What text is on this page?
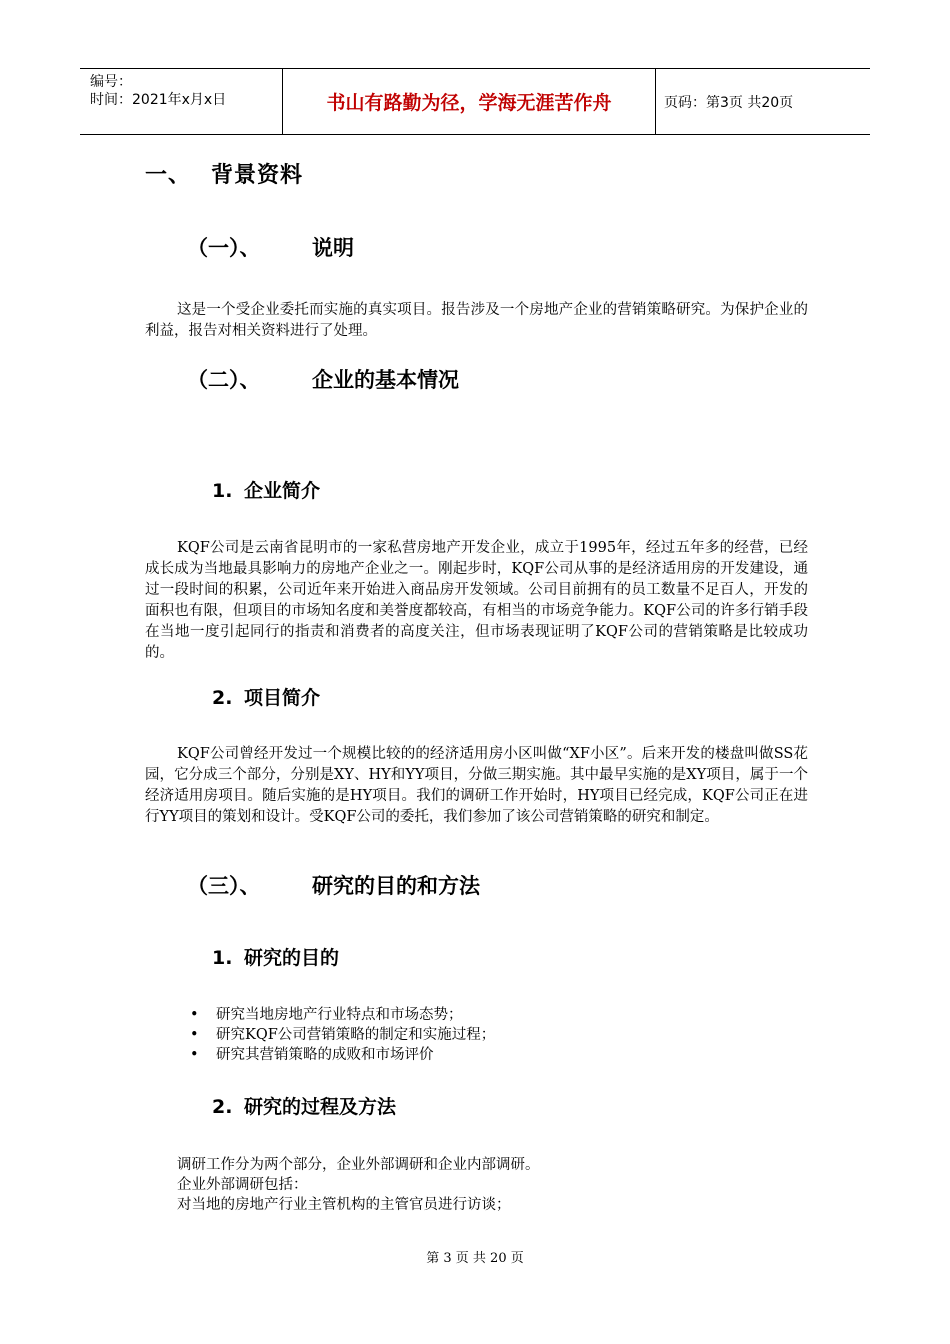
编号：
时间：2021年x月x日	书山有路勤为径，学海无涯苦作舟	页码：第3页 共20页
一、 背景资料
（一）、 说明
这是一个受企业委托而实施的真实项目。报告涉及一个房地产企业的营销策略研究。为保护企业的利益，报告对相关资料进行了处理。
（二）、 企业的基本情况
1. 企业简介
KQF公司是云南省昆明市的一家私营房地产开发企业，成立于1995年，经过五年多的经营，已经成长成为当地最具影响力的房地产企业之一。刚起步时，KQF公司从事的是经济适用房的开发建设，通过一段时间的积累，公司近年来开始进入商品房开发领域。公司目前拥有的员工数量不足百人，开发的面积也有限，但项目的市场知名度和美誉度都较高，有相当的市场竞争能力。KQF公司的许多行销手段在当地一度引起同行的指责和消费者的高度关注，但市场表现证明了KQF公司的营销策略是比较成功的。
2. 项目简介
KQF公司曾经开发过一个规模比较的的经济适用房小区叫做“XF小区”。后来开发的楼盘叫做SS花园，它分成三个部分，分别是XY、HY和YY项目，分做三期实施。其中最早实施的是XY项目，属于一个经济适用房项目。随后实施的是HY项目。我们的调研工作开始时，HY项目已经完成，KQF公司正在进行YY项目的策划和设计。受KQF公司的委托，我们参加了该公司营销策略的研究和制定。
（三）、 研究的目的和方法
1. 研究的目的
• 研究当地房地产行业特点和市场态势；
• 研究KQF公司营销策略的制定和实施过程；
• 研究其营销策略的成败和市场评价
2. 研究的过程及方法
调研工作分为两个部分，企业外部调研和企业内部调研。
企业外部调研包括：
对当地的房地产行业主管机构的主管官员进行访谈；
第 3 页 共 20 页
